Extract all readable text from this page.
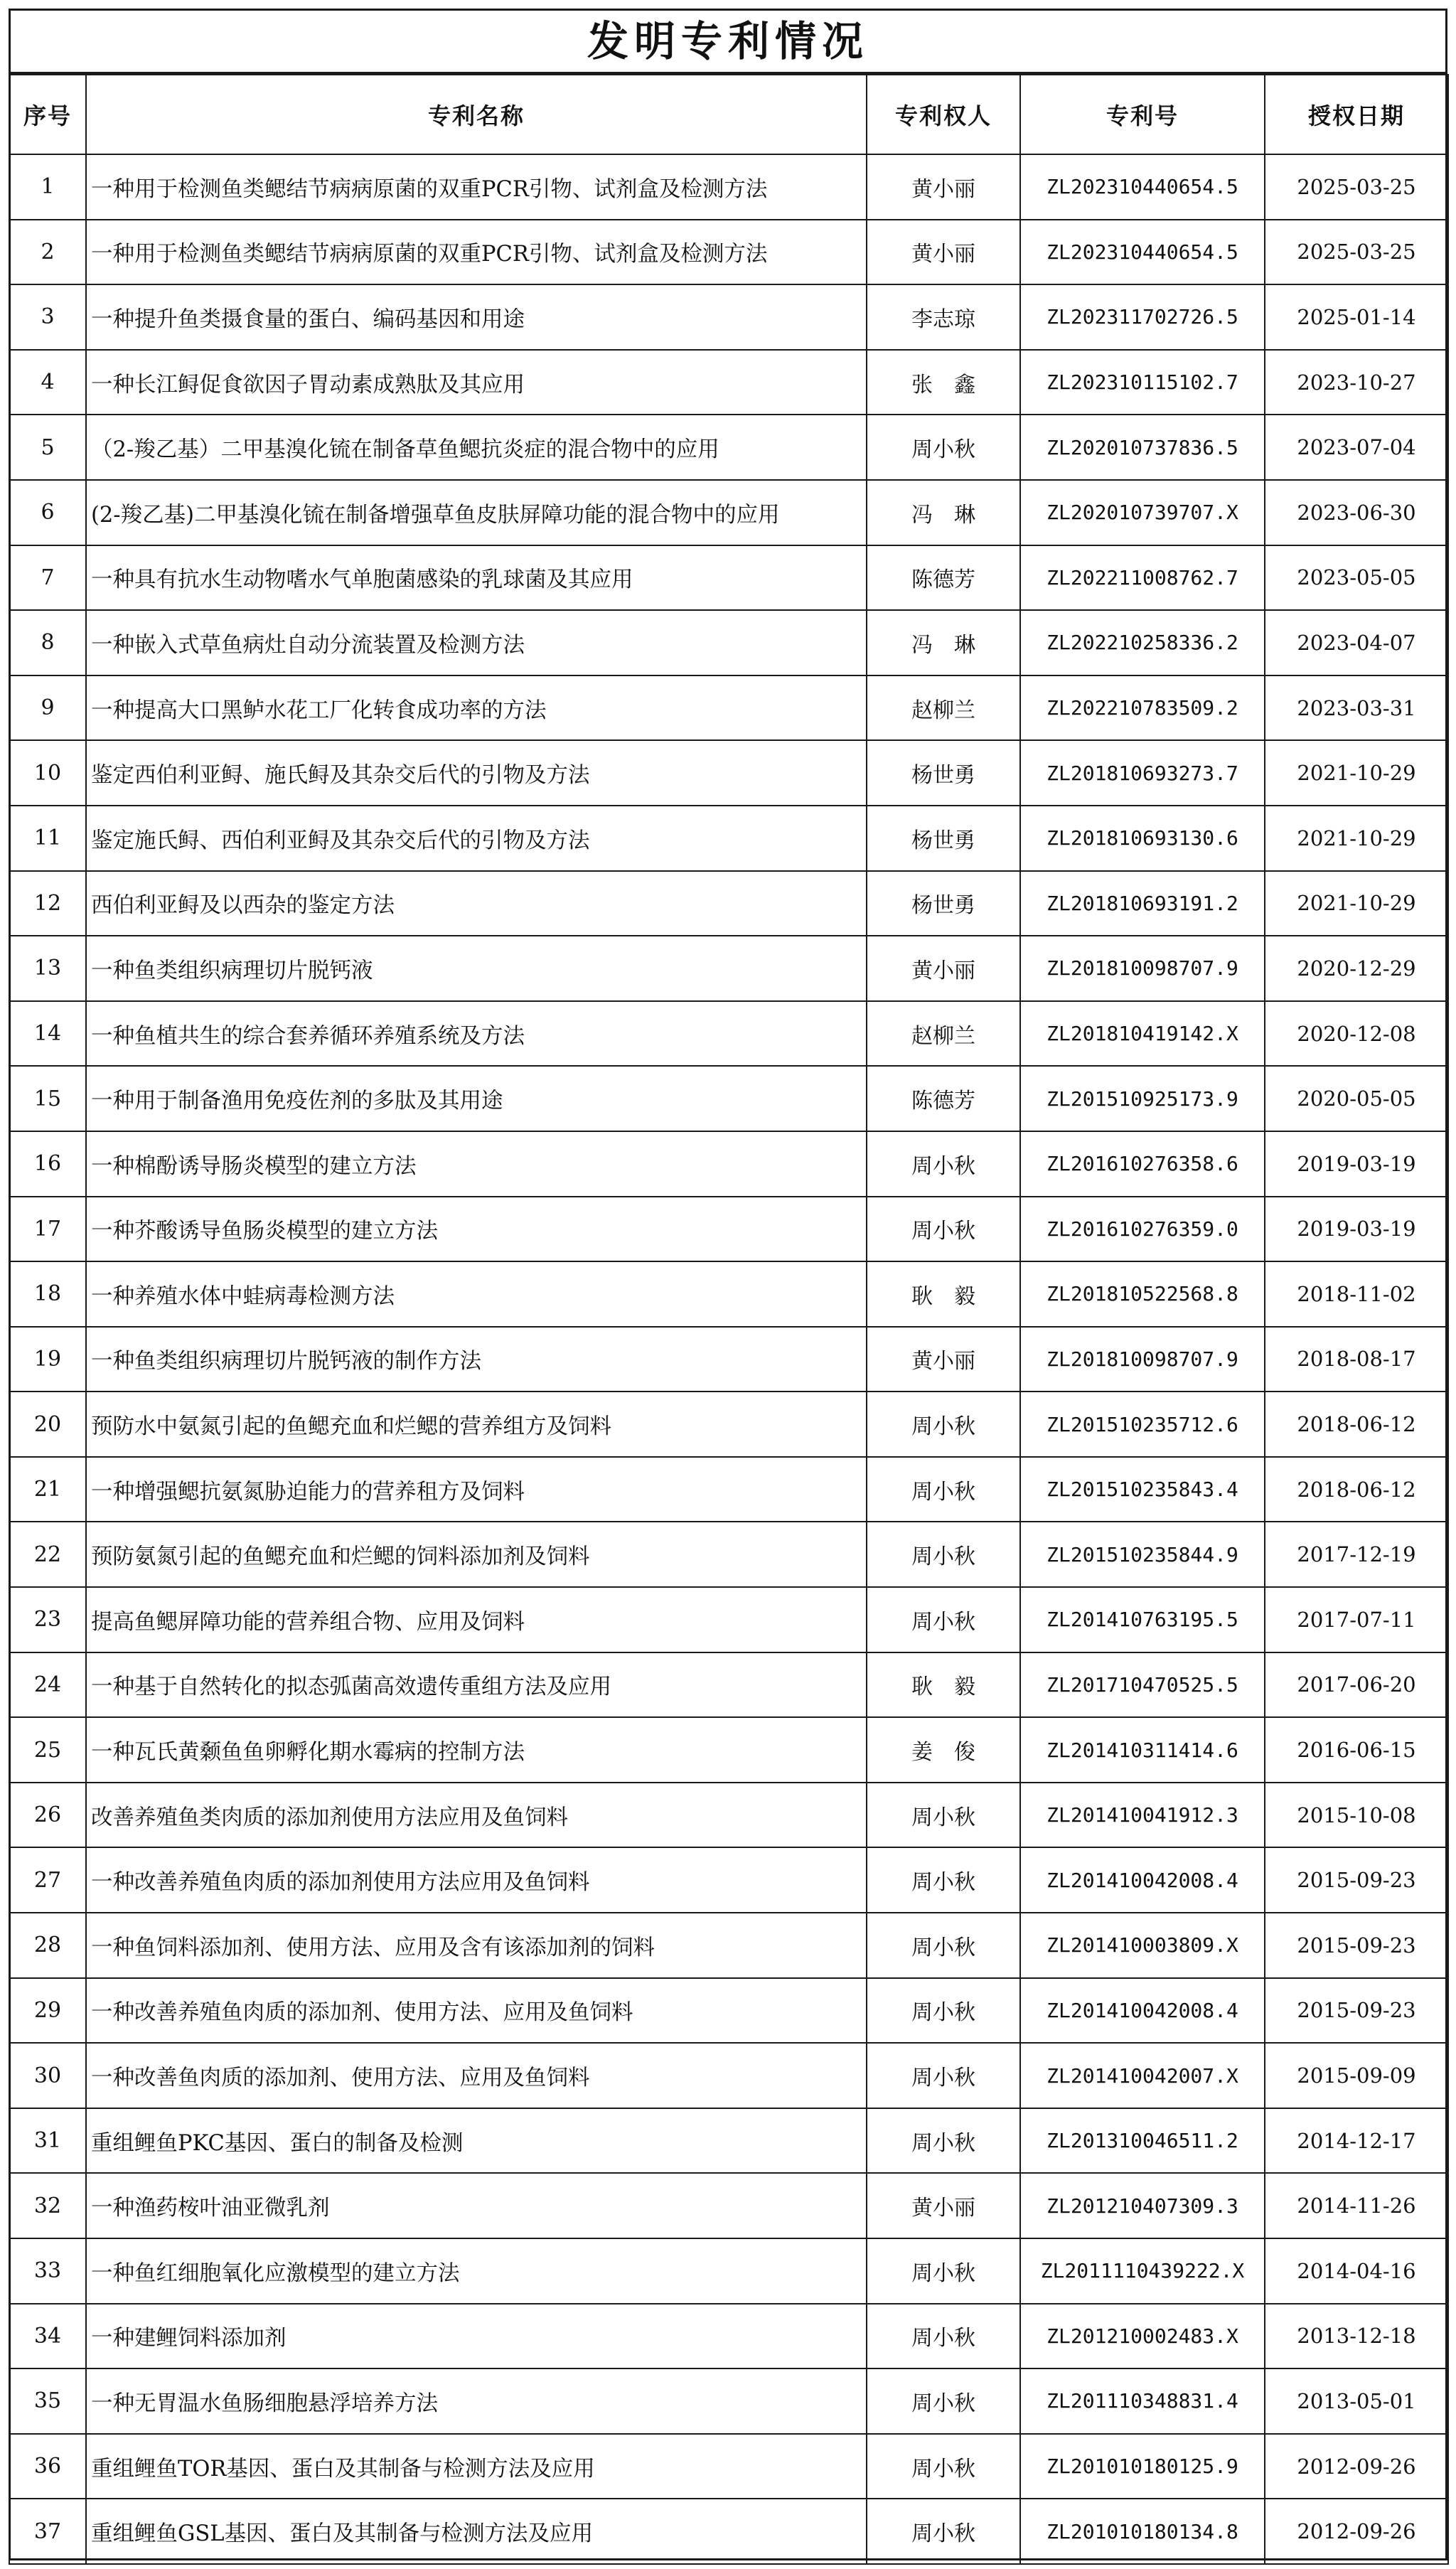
发明专利情况
序号	专利名称	专利权人	专利号	授权日期
1	一种用于检测鱼类鳃结节病病原菌的双重PCR引物、试剂盒及检测方法	黄小丽	ZL202310440654.5	2025-03-25
2	一种用于检测鱼类鳃结节病病原菌的双重PCR引物、试剂盒及检测方法	黄小丽	ZL202310440654.5	2025-03-25
3	一种提升鱼类摄食量的蛋白、编码基因和用途	李志琼	ZL202311702726.5	2025-01-14
4	一种长江鲟促食欲因子胃动素成熟肽及其应用	张　鑫	ZL202310115102.7	2023-10-27
5	（2-羧乙基）二甲基溴化锍在制备草鱼鳃抗炎症的混合物中的应用	周小秋	ZL202010737836.5	2023-07-04
6	(2-羧乙基)二甲基溴化锍在制备增强草鱼皮肤屏障功能的混合物中的应用	冯　琳	ZL202010739707.X	2023-06-30
7	一种具有抗水生动物嗜水气单胞菌感染的乳球菌及其应用	陈德芳	ZL202211008762.7	2023-05-05
8	一种嵌入式草鱼病灶自动分流装置及检测方法	冯　琳	ZL202210258336.2	2023-04-07
9	一种提高大口黑鲈水花工厂化转食成功率的方法	赵柳兰	ZL202210783509.2	2023-03-31
10	鉴定西伯利亚鲟、施氏鲟及其杂交后代的引物及方法	杨世勇	ZL201810693273.7	2021-10-29
11	鉴定施氏鲟、西伯利亚鲟及其杂交后代的引物及方法	杨世勇	ZL201810693130.6	2021-10-29
12	西伯利亚鲟及以西杂的鉴定方法	杨世勇	ZL201810693191.2	2021-10-29
13	一种鱼类组织病理切片脱钙液	黄小丽	ZL201810098707.9	2020-12-29
14	一种鱼植共生的综合套养循环养殖系统及方法	赵柳兰	ZL201810419142.X	2020-12-08
15	一种用于制备渔用免疫佐剂的多肽及其用途	陈德芳	ZL201510925173.9	2020-05-05
16	一种棉酚诱导肠炎模型的建立方法	周小秋	ZL201610276358.6	2019-03-19
17	一种芥酸诱导鱼肠炎模型的建立方法	周小秋	ZL201610276359.0	2019-03-19
18	一种养殖水体中蛙病毒检测方法	耿　毅	ZL201810522568.8	2018-11-02
19	一种鱼类组织病理切片脱钙液的制作方法	黄小丽	ZL201810098707.9	2018-08-17
20	预防水中氨氮引起的鱼鳃充血和烂鳃的营养组方及饲料	周小秋	ZL201510235712.6	2018-06-12
21	一种增强鳃抗氨氮胁迫能力的营养租方及饲料	周小秋	ZL201510235843.4	2018-06-12
22	预防氨氮引起的鱼鳃充血和烂鳃的饲料添加剂及饲料	周小秋	ZL201510235844.9	2017-12-19
23	提高鱼鳃屏障功能的营养组合物、应用及饲料	周小秋	ZL201410763195.5	2017-07-11
24	一种基于自然转化的拟态弧菌高效遗传重组方法及应用	耿　毅	ZL201710470525.5	2017-06-20
25	一种瓦氏黄颡鱼鱼卵孵化期水霉病的控制方法	姜　俊	ZL201410311414.6	2016-06-15
26	改善养殖鱼类肉质的添加剂使用方法应用及鱼饲料	周小秋	ZL201410041912.3	2015-10-08
27	一种改善养殖鱼肉质的添加剂使用方法应用及鱼饲料	周小秋	ZL201410042008.4	2015-09-23
28	一种鱼饲料添加剂、使用方法、应用及含有该添加剂的饲料	周小秋	ZL201410003809.X	2015-09-23
29	一种改善养殖鱼肉质的添加剂、使用方法、应用及鱼饲料	周小秋	ZL201410042008.4	2015-09-23
30	一种改善鱼肉质的添加剂、使用方法、应用及鱼饲料	周小秋	ZL201410042007.X	2015-09-09
31	重组鲤鱼PKC基因、蛋白的制备及检测	周小秋	ZL201310046511.2	2014-12-17
32	一种渔药桉叶油亚微乳剂	黄小丽	ZL201210407309.3	2014-11-26
33	一种鱼红细胞氧化应激模型的建立方法	周小秋	ZL2011110439222.X	2014-04-16
34	一种建鲤饲料添加剂	周小秋	ZL201210002483.X	2013-12-18
35	一种无胃温水鱼肠细胞悬浮培养方法	周小秋	ZL201110348831.4	2013-05-01
36	重组鲤鱼TOR基因、蛋白及其制备与检测方法及应用	周小秋	ZL201010180125.9	2012-09-26
37	重组鲤鱼GSL基因、蛋白及其制备与检测方法及应用	周小秋	ZL201010180134.8	2012-09-26
